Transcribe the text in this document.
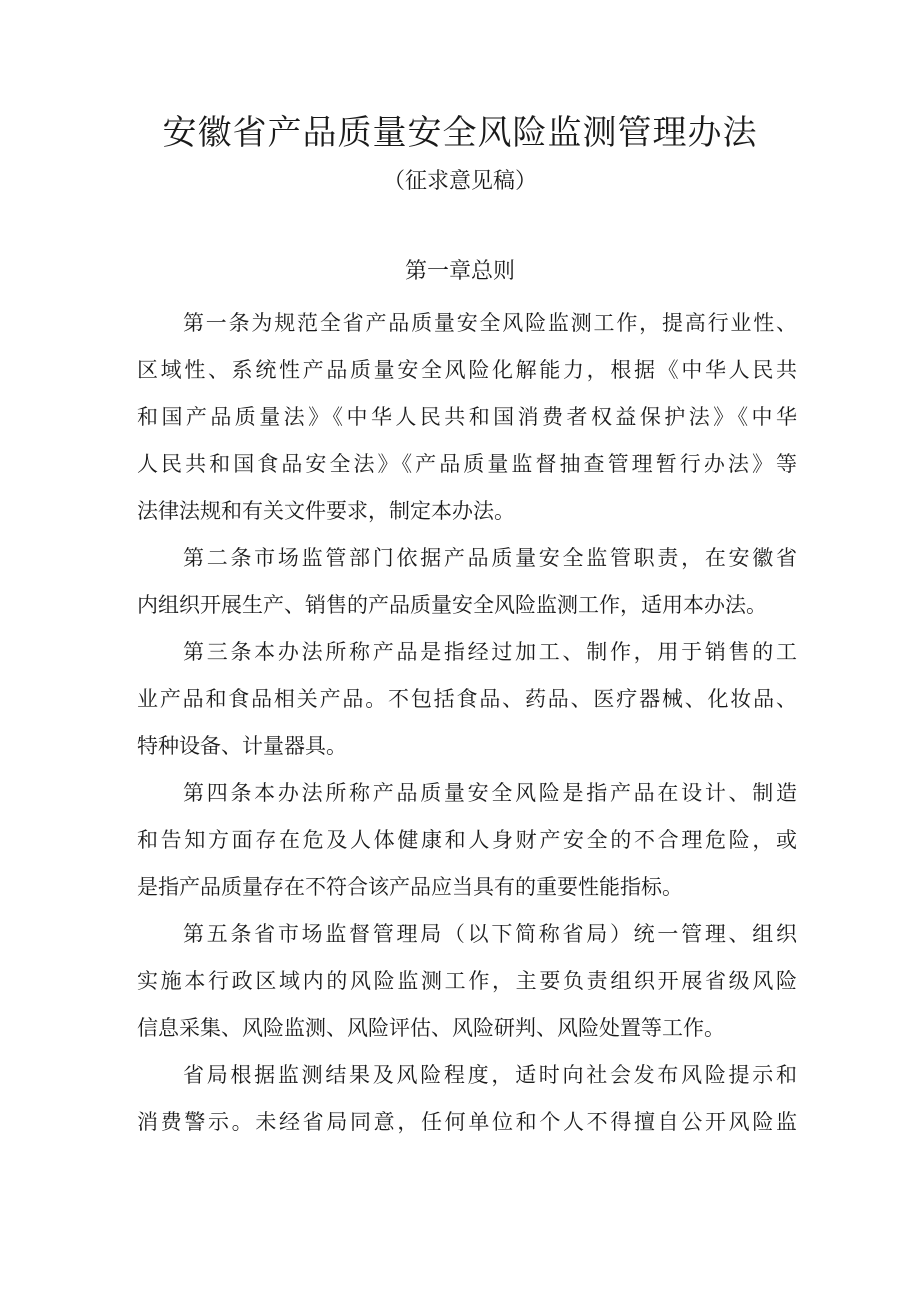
安徽省产品质量安全风险监测管理办法
（征求意见稿）
第一章总则

第一条为规范全省产品质量安全风险监测工作，提高行业性、
区域性、系统性产品质量安全风险化解能力，根据《中华人民共
和国产品质量法》《中华人民共和国消费者权益保护法》《中华
人民共和国食品安全法》《产品质量监督抽查管理暂行办法》等
法律法规和有关文件要求，制定本办法。

第二条市场监管部门依据产品质量安全监管职责，在安徽省
内组织开展生产、销售的产品质量安全风险监测工作，适用本办法。

第三条本办法所称产品是指经过加工、制作，用于销售的工
业产品和食品相关产品。不包括食品、药品、医疗器械、化妆品、
特种设备、计量器具。

第四条本办法所称产品质量安全风险是指产品在设计、制造
和告知方面存在危及人体健康和人身财产安全的不合理危险，或
是指产品质量存在不符合该产品应当具有的重要性能指标。

第五条省市场监督管理局（以下简称省局）统一管理、组织
实施本行政区域内的风险监测工作，主要负责组织开展省级风险
信息采集、风险监测、风险评估、风险研判、风险处置等工作。

省局根据监测结果及风险程度，适时向社会发布风险提示和
消费警示。未经省局同意，任何单位和个人不得擅自公开风险监
